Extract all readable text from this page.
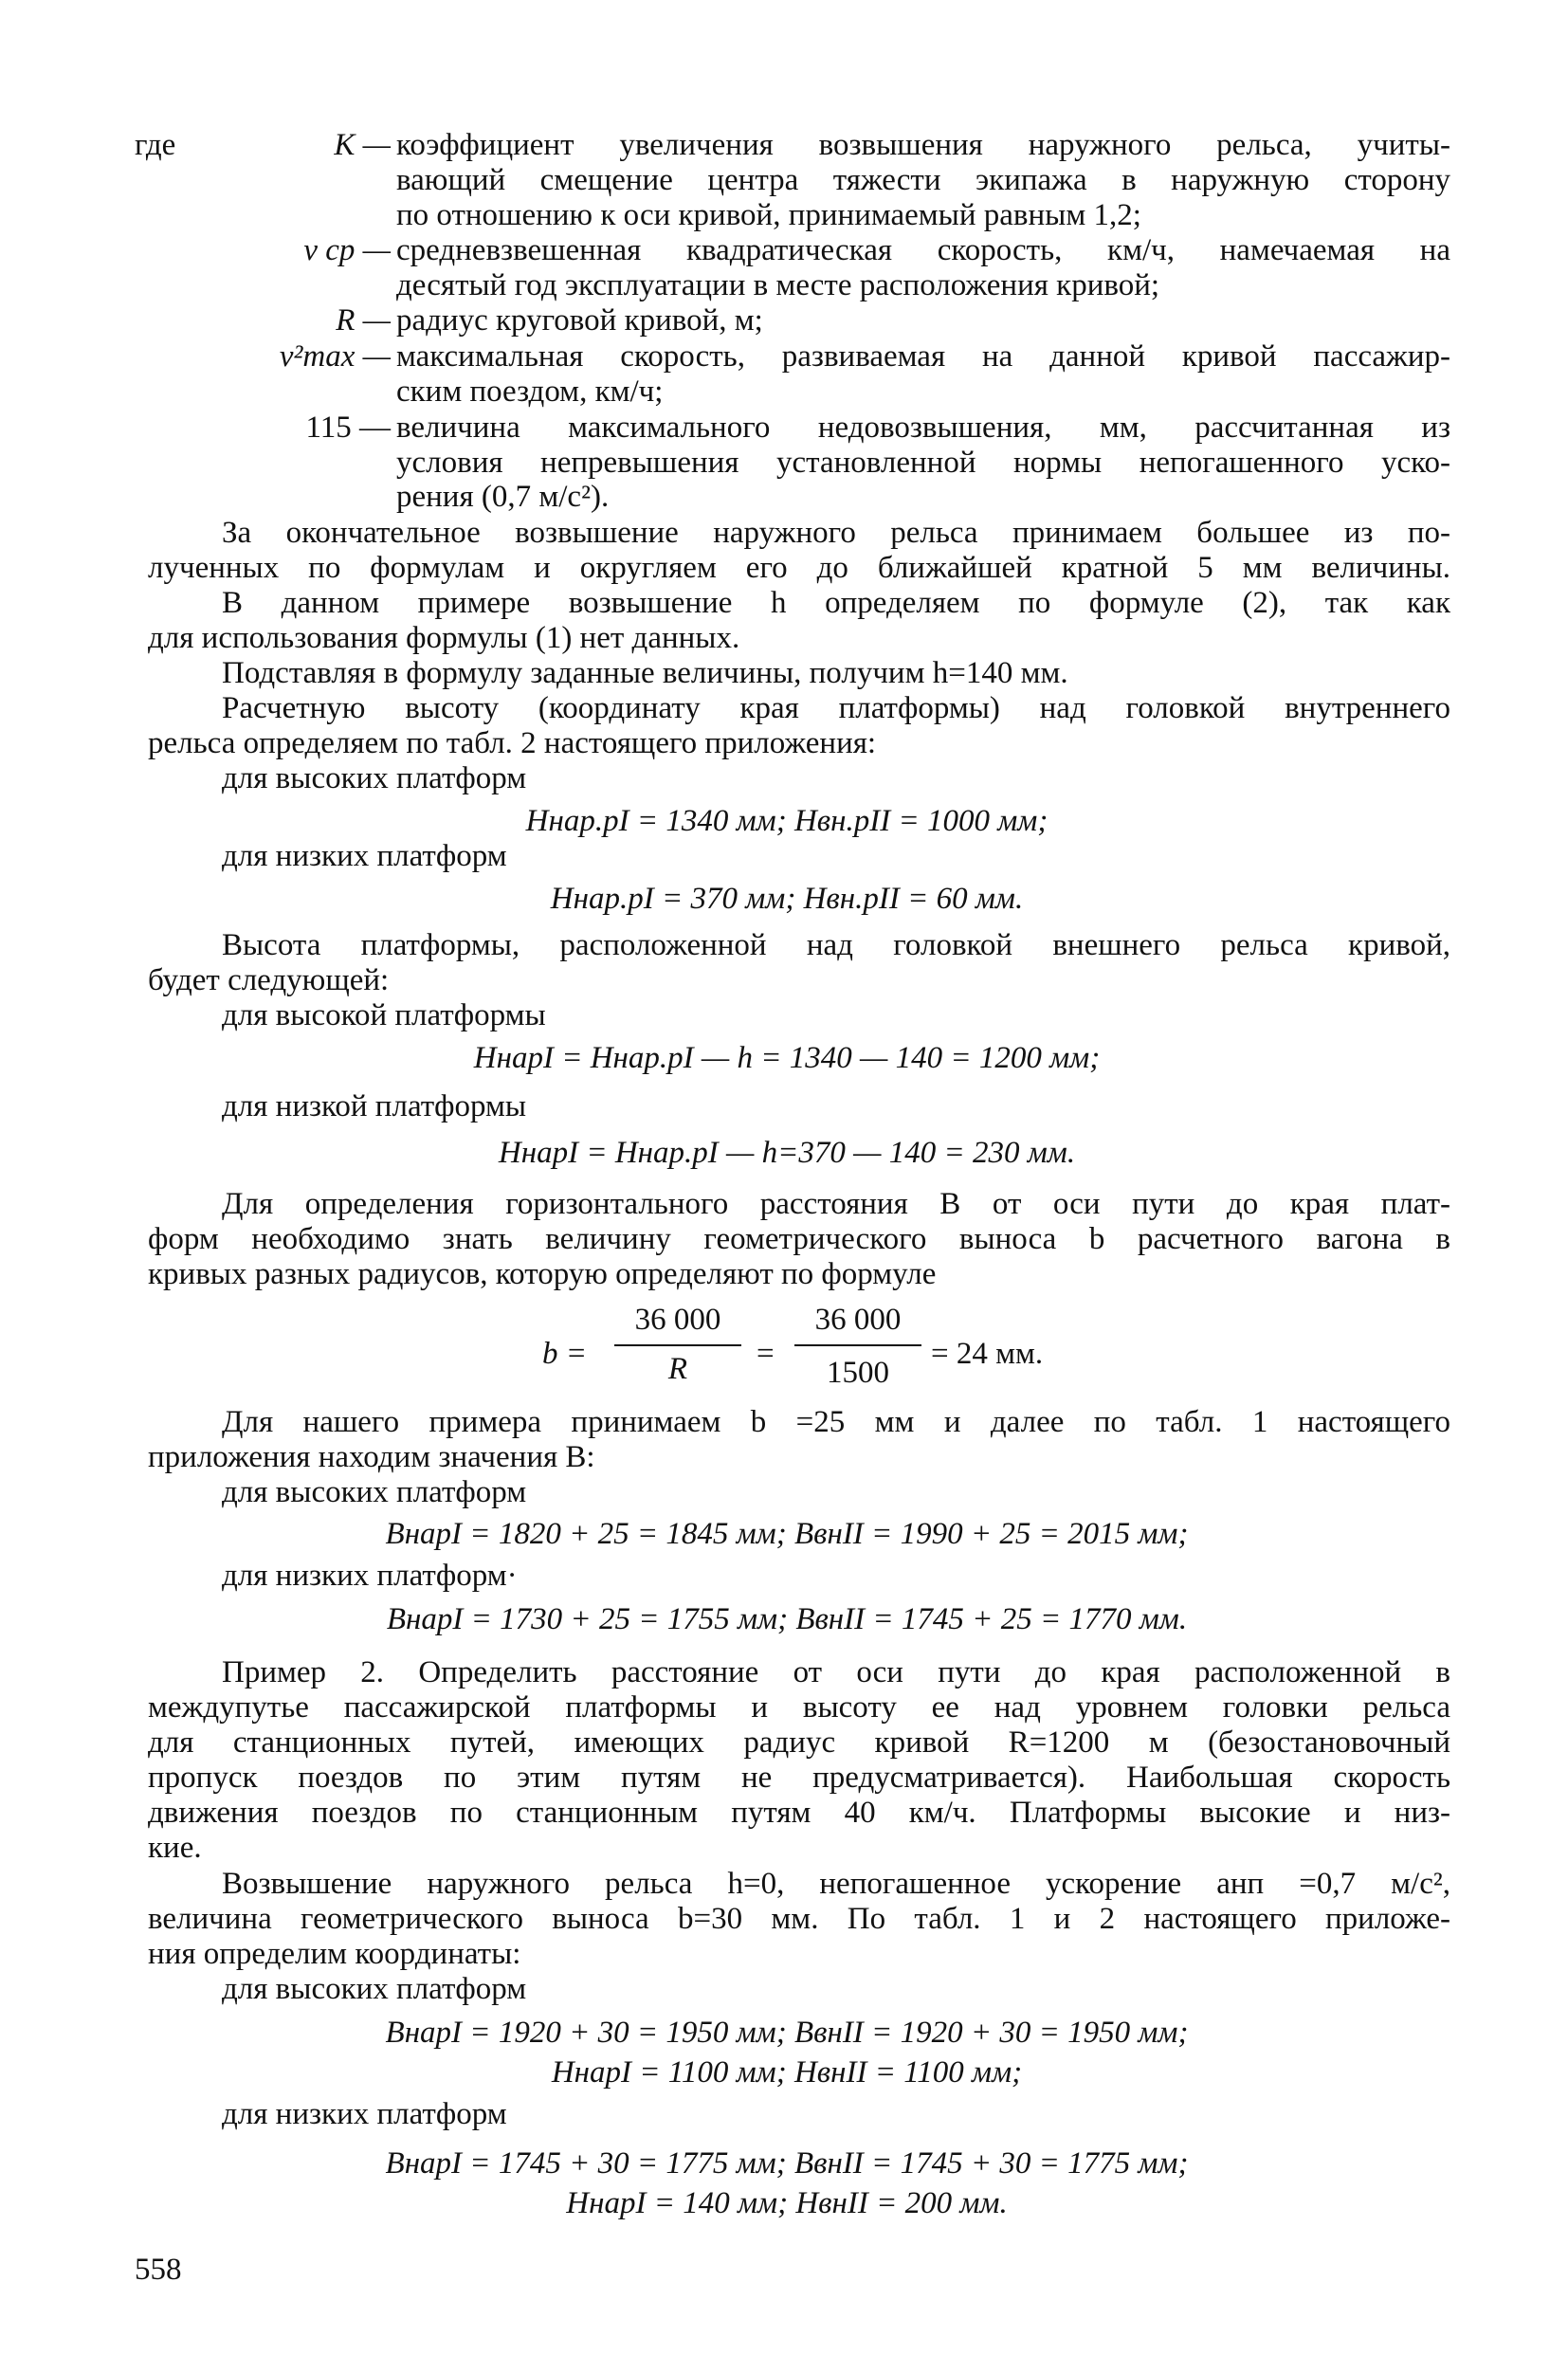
где	K — коэффициент увеличения возвышения наружного рельса, учиты-
вающий смещение центра тяжести экипажа в наружную сторону
по отношению к оси кривой, принимаемый равным 1,2;
v ср — средневзвешенная квадратическая скорость, км/ч, намечаемая на
десятый год эксплуатации в месте расположения кривой;
R — радиус круговой кривой, м;
v²max — максимальная скорость, развиваемая на данной кривой пассажир-
ским поездом, км/ч;
115 — величина максимального недовозвышения, мм, рассчитанная из
условия непревышения установленной нормы непогашенного уско-
рения (0,7 м/с²).
За окончательное возвышение наружного рельса принимаем большее из по-
лученных по формулам и округляем его до ближайшей кратной 5 мм величины.
В данном примере возвышение h определяем по формуле (2), так как
для использования формулы (1) нет данных.
Подставляя в формулу заданные величины, получим h=140 мм.
Расчетную высоту (координату края платформы) над головкой внутреннего
рельса определяем по табл. 2 настоящего приложения:
для высоких платформ
Hнар.pI = 1340 мм; Hвн.pII = 1000 мм;
для низких платформ
Hнар.pI = 370 мм; Hвн.pII = 60 мм.
Высота платформы, расположенной над головкой внешнего рельса кривой,
будет следующей:
для высокой платформы
HнарI = Hнар.pI — h = 1340 — 140 = 1200 мм;
для низкой платформы
HнарI = Hнар.pI — h=370 — 140 = 230 мм.
Для определения горизонтального расстояния B от оси пути до края плат-
форм необходимо знать величину геометрического выноса b расчетного вагона в
кривых разных радиусов, которую определяют по формуле
b =
36 000
R	=
36 000
1500
= 24 мм.
Для нашего примера принимаем b =25 мм и далее по табл. 1 настоящего
приложения находим значения B:
для высоких платформ
BнарI = 1820 + 25 = 1845 мм; BвнII = 1990 + 25 = 2015 мм;
для низких платформ·
BнарI = 1730 + 25 = 1755 мм; BвнII = 1745 + 25 = 1770 мм.
Пример 2. Определить расстояние от оси пути до края расположенной в
междупутье пассажирской платформы и высоту ее над уровнем головки рельса
для станционных путей, имеющих радиус кривой R=1200 м (безостановочный
пропуск поездов по этим путям не предусматривается). Наибольшая скорость
движения поездов по станционным путям 40 км/ч. Платформы высокие и низ-
кие.
Возвышение наружного рельса h=0, непогашенное ускорение aнп =0,7 м/с²,
величина геометрического выноса b=30 мм. По табл. 1 и 2 настоящего приложе-
ния определим координаты:
для высоких платформ
BнарI = 1920 + 30 = 1950 мм; BвнII = 1920 + 30 = 1950 мм;
HнарI = 1100 мм; HвнII = 1100 мм;
для низких платформ
BнарI = 1745 + 30 = 1775 мм; BвнII = 1745 + 30 = 1775 мм;
HнарI = 140 мм; HвнII = 200 мм.
558
